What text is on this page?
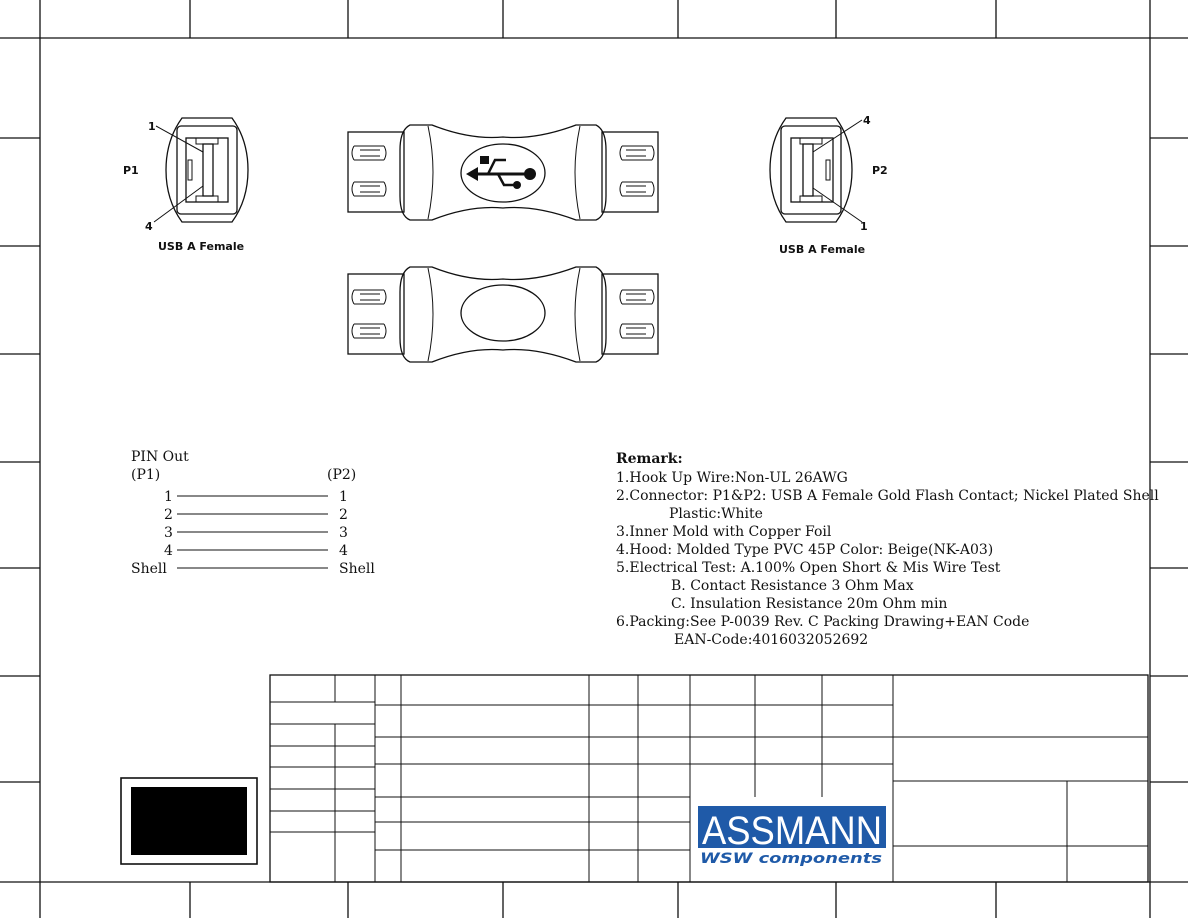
P1
1
4
USB A Female
P2
4
1
USB A Female
PIN Out
(P1)	(P2)
1	1
2	2
3	3
4	4
Shell	Shell
Remark:
1.Hook Up Wire:Non-UL 26AWG
2.Connector: P1&P2: USB A Female Gold Flash Contact; Nickel Plated Shell
Plastic:White
3.Inner Mold with Copper Foil
4.Hood: Molded Type PVC 45P Color: Beige(NK-A03)
5.Electrical Test: A.100% Open Short & Mis Wire Test
B. Contact Resistance 3 Ohm Max
C. Insulation Resistance 20m Ohm min
6.Packing:See P-0039 Rev. C Packing Drawing+EAN Code
EAN-Code:4016032052692
ASSMANN
WSW components
